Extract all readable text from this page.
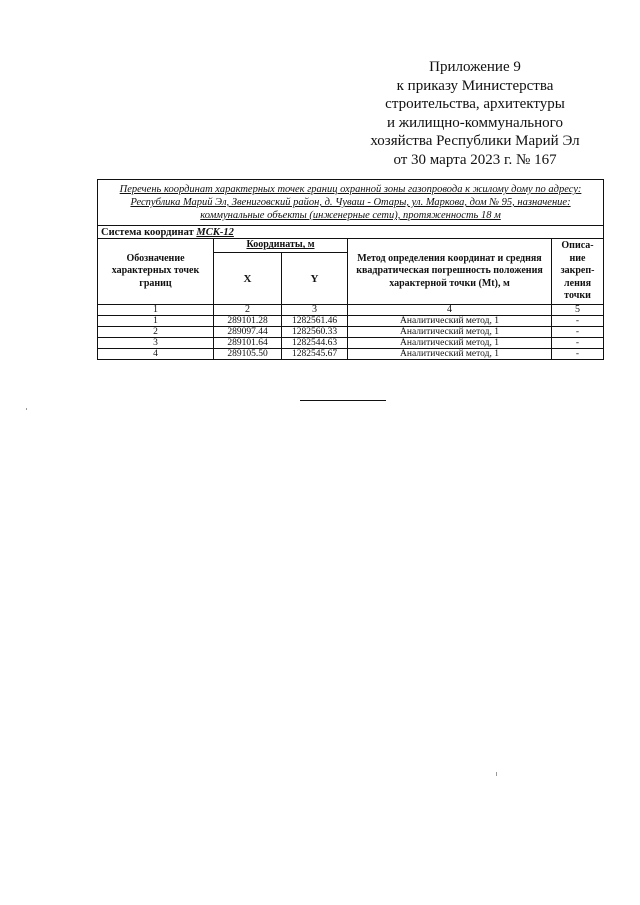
Приложение 9
к приказу Министерства
строительства, архитектуры
и жилищно-коммунального
хозяйства Республики Марий Эл
от 30 марта 2023 г. № 167
Перечень координат характерных точек границ охранной зоны газопровода к жилому дому по адресу: Республика Марий Эл, Звениговский район, д. Чуваш - Отары, ул. Маркова, дом № 95, назначение: коммунальные объекты (инженерные сети), протяженность 18 м				
Система координат МСК-12				
Обозначение характерных точек границ	Координаты, м		Метод определения координат и средняя квадратическая погрешность положения характерной точки (Mt), м	Описа-ние закреп-ления точки
	X	Y		
1	2	3	4	5
1	289101.28	1282561.46	Аналитический метод, 1	-
2	289097.44	1282560.33	Аналитический метод, 1	-
3	289101.64	1282544.63	Аналитический метод, 1	-
4	289105.50	1282545.67	Аналитический метод, 1	-
